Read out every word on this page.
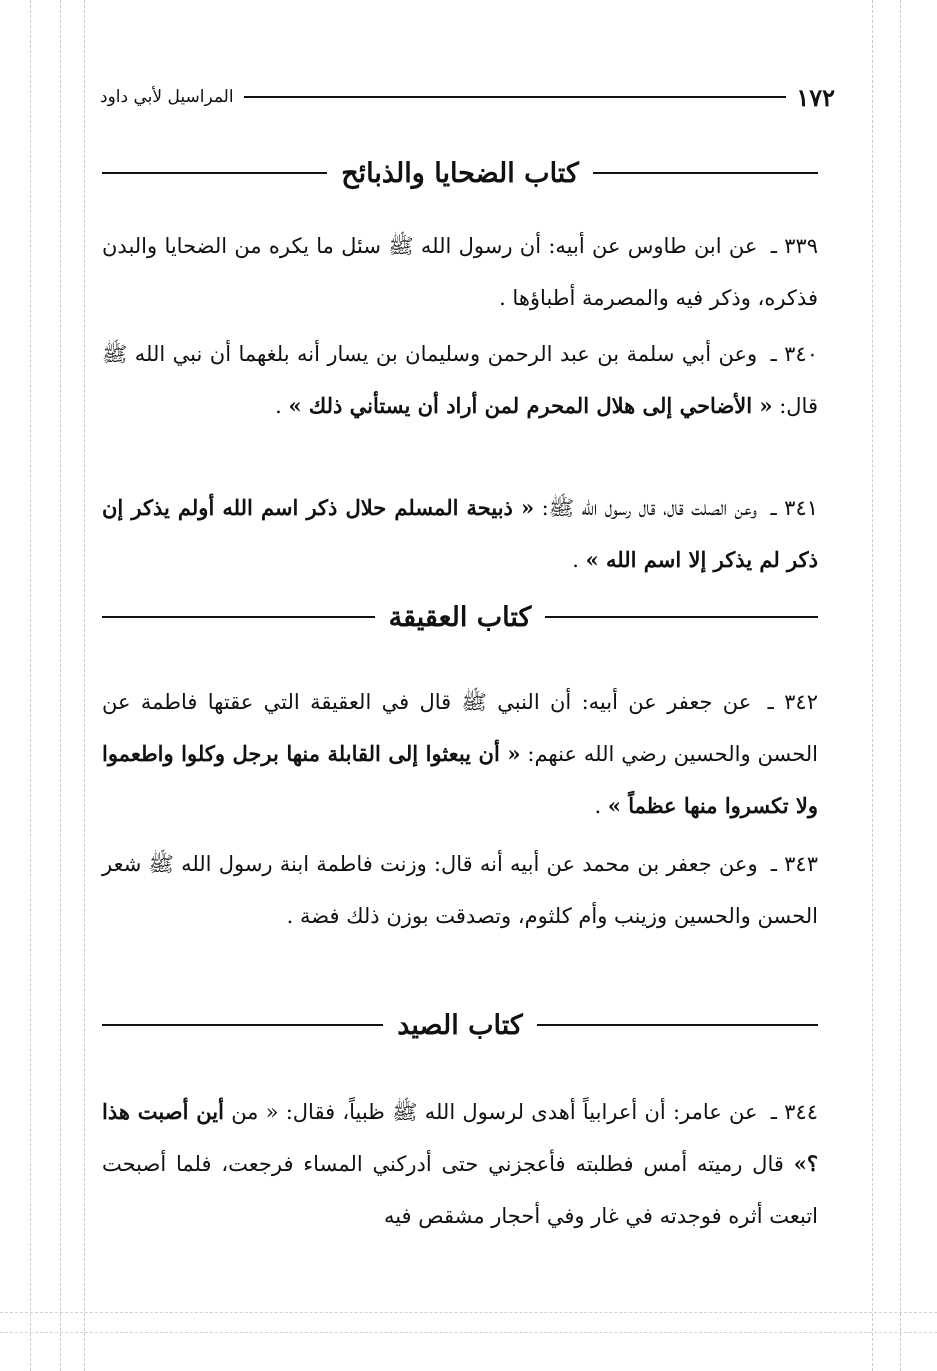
١٧٢
المراسيل لأبي داود
كتاب الضحايا والذبائح
٣٣٩ ـ عن ابن طاوس عن أبيه: أن رسول الله ﷺ سئل ما يكره من الضحايا والبدن فذكره، وذكر فيه والمصرمة أطباؤها .
٣٤٠ ـ وعن أبي سلمة بن عبد الرحمن وسليمان بن يسار أنه بلغهما أن نبي الله ﷺ قال: « الأضاحي إلى هلال المحرم لمن أراد أن يستأني ذلك » .
٣٤١ ـ وعن الصلت قال، قال رسول الله ﷺ: « ذبيحة المسلم حلال ذكر اسم الله أولم يذكر إن ذكر لم يذكر إلا اسم الله » .
كتاب العقيقة
٣٤٢ ـ عن جعفر عن أبيه: أن النبي ﷺ قال في العقيقة التي عقتها فاطمة عن الحسن والحسين رضي الله عنهم: « أن يبعثوا إلى القابلة منها برجل وكلوا واطعموا ولا تكسروا منها عظماً » .
٣٤٣ ـ وعن جعفر بن محمد عن أبيه أنه قال: وزنت فاطمة ابنة رسول الله ﷺ شعر الحسن والحسين وزينب وأم كلثوم، وتصدقت بوزن ذلك فضة .
كتاب الصيد
٣٤٤ ـ عن عامر: أن أعرابياً أهدى لرسول الله ﷺ ظبياً، فقال: « من أين أصبت هذا ؟» قال رميته أمس فطلبته فأعجزني حتى أدركني المساء فرجعت، فلما أصبحت اتبعت أثره فوجدته في غار وفي أحجار مشقص فيه
